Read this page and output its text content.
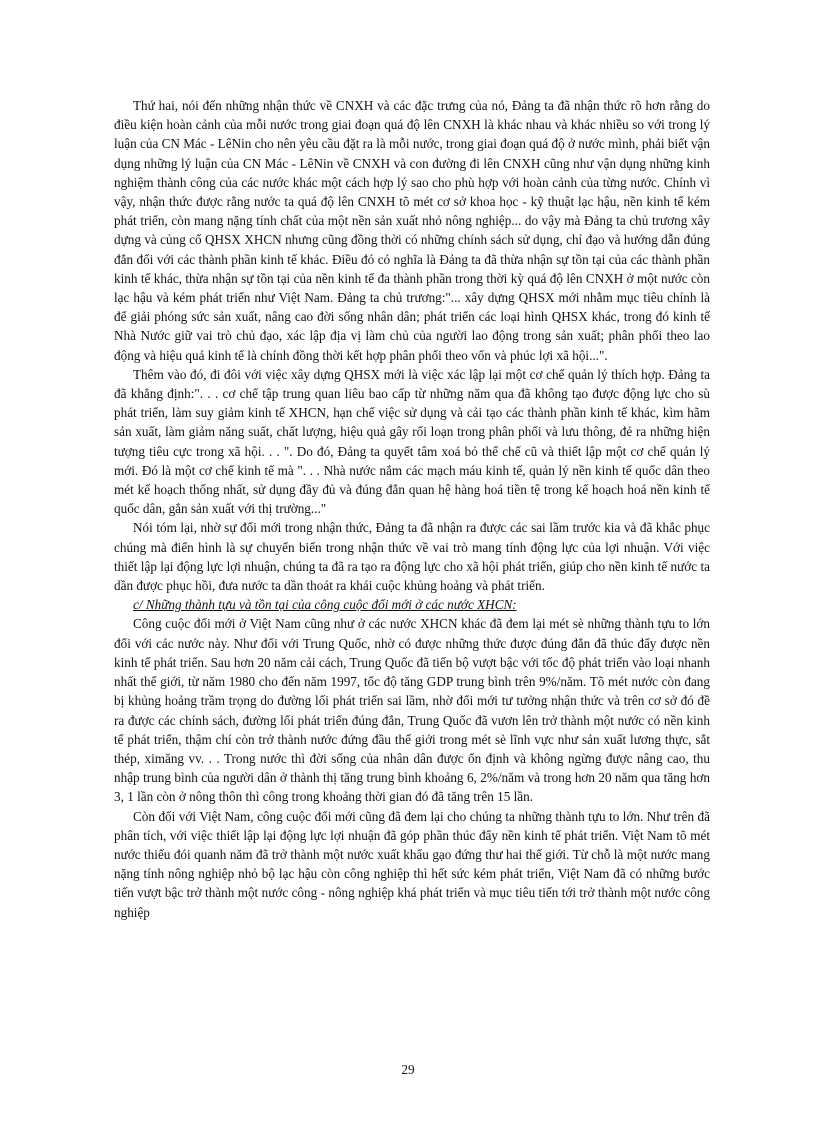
Thứ hai, nói đến những nhận thức về CNXH và các đặc trưng của nó, Đảng ta đã nhận thức rõ hơn rằng do điều kiện hoàn cảnh của mỗi nước trong giai đoạn quá độ lên CNXH là khác nhau và khác nhiều so với trong lý luận của CN Mác - LêNin cho nên yêu cầu đặt ra là mỗi nước, trong giai đoạn quá độ ở nước mình, phải biết vận dụng những lý luận của CN Mác - LêNin về CNXH và con đường đi lên CNXH cũng như vận dụng những kinh nghiệm thành công của các nước khác một cách hợp lý sao cho phù hợp với hoàn cảnh của từng nước. Chính vì vậy, nhận thức được rằng nước ta quá độ lên CNXH tõ mét cơ sở khoa học - kỹ thuật lạc hậu, nền kinh tế kém phát triển, còn mang nặng tính chất của một nền sản xuất nhỏ nông nghiệp... do vậy mà Đảng ta chủ trương xây dựng và củng cố QHSX XHCN nhưng cũng đồng thời có những chính sách sử dụng, chỉ đạo và hướng dẫn đúng đắn đối với các thành phần kinh tế khác. Điều đó có nghĩa là Đảng ta đã thừa nhận sự tồn tại của các thành phần kinh tế khác, thừa nhận sự tồn tại của nền kinh tế đa thành phần trong thời kỳ quá độ lên CNXH ở một nước còn lạc hậu và kém phát triển như Việt Nam. Đảng ta chủ trương:"... xây dựng QHSX mới nhằm mục tiêu chính là để giải phóng sức sản xuất, nâng cao đời sống nhân dân; phát triển các loại hình QHSX khác, trong đó kinh tế Nhà Nước giữ vai trò chủ đạo, xác lập địa vị làm chủ của người lao động trong sản xuất; phân phối theo lao động và hiệu quả kinh tế là chính đồng thời kết hợp phân phối theo vốn và phúc lợi xã hội...".

Thêm vào đó, đi đôi với việc xây dựng QHSX mới là việc xác lập lại một cơ chế quản lý thích hợp. Đảng ta đã khẳng định:". . . cơ chế tập trung quan liêu bao cấp từ những năm qua đã không tạo được động lực cho sù phát triển, làm suy giảm kinh tế XHCN, hạn chế việc sử dụng và cải tạo các thành phần kinh tế khác, kìm hãm sản xuất, làm giảm năng suất, chất lượng, hiệu quả gây rối loạn trong phân phối và lưu thông, đẻ ra những hiện tượng tiêu cực trong xã hội. . . ". Do đó, Đảng ta quyết tâm xoá bỏ thể chế cũ và thiết lập một cơ chế quản lý mới. Đó là một cơ chế kinh tế mà ". . . Nhà nước nắm các mạch máu kinh tế, quản lý nền kinh tế quốc dân theo mét kế hoạch thống nhất, sử dụng đầy đủ và đúng đắn quan hệ hàng hoá tiền tệ trong kế hoạch hoá nền kinh tế quốc dân, gắn sản xuất với thị trường..."

Nói tóm lại, nhờ sự đổi mới trong nhận thức, Đảng ta đã nhận ra được các sai lầm trước kia và đã khắc phục chúng mà điển hình là sự chuyển biến trong nhận thức về vai trò mang tính động lực của lợi nhuận. Với việc thiết lập lại động lực lợi nhuận, chúng ta đã ra tạo ra động lực cho xã hội phát triển, giúp cho nền kinh tế nước ta dần được phục hồi, đưa nước ta dần thoát ra khái cuộc khủng hoảng và phát triển.

c/ Những thành tựu và tồn tại của công cuộc đổi mới ở các nước XHCN:

Công cuộc đổi mới ở Việt Nam cũng như ở các nước XHCN khác đã đem lại mét sè những thành tựu to lớn đối với các nước này. Như đối với Trung Quốc, nhờ có được những thức được đúng đắn đã thúc đẩy được nền kinh tế phát triển. Sau hơn 20 năm cải cách, Trung Quốc đã tiến bộ vượt bậc với tốc độ phát triển vào loại nhanh nhất thế giới, từ năm 1980 cho đến năm 1997, tốc độ tăng GDP trung bình trên 9%/năm. Tõ mét nước còn đang bị khủng hoảng trầm trọng do đường lối phát triển sai lầm, nhờ đổi mới tư tưởng nhận thức và trên cơ sở đó đề ra được các chính sách, đường lối phát triển đúng đắn, Trung Quốc đã vươn lên trở thành một nước có nền kinh tế phát triển, thậm chí còn trở thành nước đứng đầu thế giới trong mét sè lĩnh vực như sản xuất lương thực, sắt thép, ximăng vv. . . Trong nước thì đời sống của nhân dân được ổn định và không ngừng được nâng cao, thu nhập trung bình của người dân ở thành thị tăng trung bình khoảng 6, 2%/năm và trong hơn 20 năm qua tăng hơn 3, 1 lần còn ở nông thôn thì công trong khoảng thời gian đó đã tăng trên 15 lần.

Còn đối với Việt Nam, công cuộc đổi mới cũng đã đem lại cho chúng ta những thành tựu to lớn. Như trên đã phân tích, với việc thiết lập lại động lực lợi nhuận đã góp phần thúc đẩy nền kinh tế phát triển. Việt Nam tõ mét nước thiếu đói quanh năm đã trở thành một nước xuất khẩu gạo đứng thư hai thế giới. Từ chỗ là một nước mang nặng tính nông nghiệp nhỏ bộ lạc hậu còn công nghiệp thì hết sức kém phát triển, Việt Nam đã có những bước tiến vượt bậc trở thành một nước công - nông nghiệp khá phát triển và mục tiêu tiến tới trở thành một nước công nghiệp

29
